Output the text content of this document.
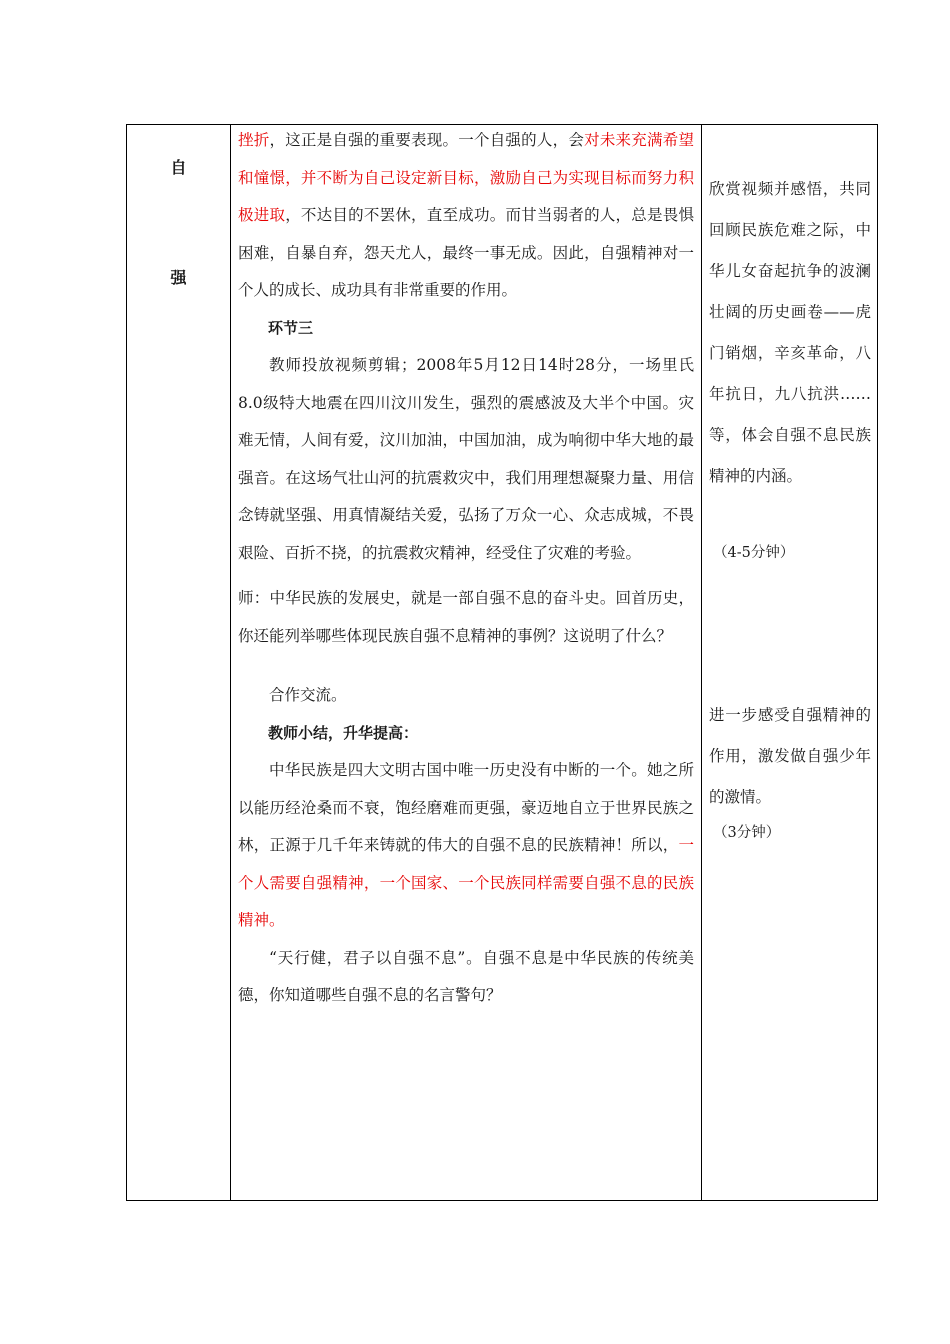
自
强

挫折，这正是自强的重要表现。一个自强的人，会对未来充满希望和憧憬，并不断为自己设定新目标，激励自己为实现目标而努力积极进取，不达目的不罢休，直至成功。而甘当弱者的人，总是畏惧困难，自暴自弃，怨天尤人，最终一事无成。因此，自强精神对一个人的成长、成功具有非常重要的作用。

环节三

教师投放视频剪辑；2008年5月12日14时28分，一场里氏8.0级特大地震在四川汶川发生，强烈的震感波及大半个中国。灾难无情，人间有爱，汶川加油，中国加油，成为响彻中华大地的最强音。在这场气壮山河的抗震救灾中，我们用理想凝聚力量、用信念铸就坚强、用真情凝结关爱，弘扬了万众一心、众志成城，不畏艰险、百折不挠，的抗震救灾精神，经受住了灾难的考验。

师：中华民族的发展史，就是一部自强不息的奋斗史。回首历史，你还能列举哪些体现民族自强不息精神的事例？这说明了什么？

合作交流。

教师小结，升华提高：

中华民族是四大文明古国中唯一历史没有中断的一个。她之所以能历经沧桑而不衰，饱经磨难而更强，豪迈地自立于世界民族之林，正源于几千年来铸就的伟大的自强不息的民族精神！所以，一个人需要自强精神，一个国家、一个民族同样需要自强不息的民族精神。

“天行健，君子以自强不息”。自强不息是中华民族的传统美德，你知道哪些自强不息的名言警句？

欣赏视频并感悟，共同回顾民族危难之际，中华儿女奋起抗争的波澜壮阔的历史画卷——虎门销烟，辛亥革命，八年抗日，九八抗洪……等，体会自强不息民族精神的内涵。
（4-5分钟）
进一步感受自强精神的作用，激发做自强少年的激情。
（3分钟）
